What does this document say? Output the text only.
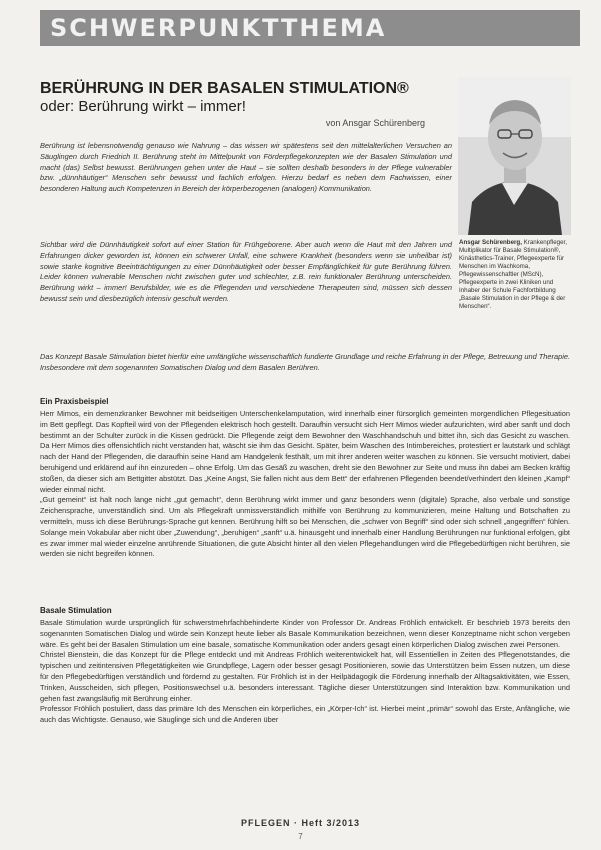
SCHWERPUNKTTHEMA
BERÜHRUNG IN DER BASALEN STIMULATION®
oder: Berührung wirkt – immer!
von Ansgar Schürenberg
Ansgar Schürenberg, Krankenpfleger, Multiplikator für Basale Stimulation®, Kinästhetics-Trainer, Pflegeexperte für Menschen im Wachkoma, Pflegewissenschaftler (MScN), Pflegeexperte in zwei Kliniken und Inhaber der Schule Fachfortbildung „Basale Stimulation in der Pflege & der Menschen“.

Berührung ist lebensnotwendig genauso wie Nahrung – das wissen wir spätestens seit den mittelalterlichen Versuchen an Säuglingen durch Friedrich II. Berührung steht im Mittelpunkt von Förderpflegekonzepten wie der Basalen Stimulation und macht (das) Selbst bewusst. Berührungen gehen unter die Haut – sie sollten deshalb besonders in der Pflege vulnerabler bzw. „dünnhäutiger“ Menschen sehr bewusst und fachlich erfolgen. Hierzu bedarf es neben dem Fachwissen, einer besonderen Haltung auch Kompetenzen in Bereich der körperbezogenen (analogen) Kommunikation.

Sichtbar wird die Dünnhäutigkeit sofort auf einer Station für Frühgeborene. Aber auch wenn die Haut mit den Jahren und Erfahrungen dicker geworden ist, können ein schwerer Unfall, eine schwere Krankheit (besonders wenn sie unheilbar ist) sowie starke kognitive Beeinträchtigungen zu einer Dünnhäutigkeit oder besser Empfänglichkeit für gute Berührung führen. Leider können vulnerable Menschen nicht zwischen guter und schlechter, z.B. rein funktionaler Berührung unterscheiden. Berührung wirkt – immer! Berufsbilder, wie es die Pflegenden und verschiedene Therapeuten sind, müssen sich dessen bewusst sein und diesbezüglich intensiv geschult werden.

Das Konzept Basale Stimulation bietet hierfür eine umfängliche wissenschaftlich fundierte Grundlage und reiche Erfahrung in der Pflege, Betreuung und Therapie. Insbesondere mit dem sogenannten Somatischen Dialog und dem Basalen Berühren.

Ein Praxisbeispiel
Herr Mimos, ein demenzkranker Bewohner mit beidseitigen Unterschenkelamputation, wird innerhalb einer fürsorglich gemeinten morgendlichen Pflegesituation im Bett gepflegt. Das Kopfteil wird von der Pflegenden elektrisch hoch gestellt. Daraufhin versucht sich Herr Mimos wieder aufzurichten, wird aber sanft und doch bestimmt an der Schulter zurück in die Kissen gedrückt. Die Pflegende zeigt dem Bewohner den Waschhandschuh und bittet ihn, sich das Gesicht zu waschen. Da Herr Mimos dies offensichtlich nicht verstanden hat, wäscht sie ihm das Gesicht. Später, beim Waschen des Intimbereiches, protestiert er lautstark und schlägt nach der Hand der Pflegenden, die daraufhin seine Hand am Handgelenk festhält, um mit ihrer anderen weiter waschen zu können. Sie versucht motiviert, dabei beruhigend und erklärend auf ihn einzureden – ohne Erfolg. Um das Gesäß zu waschen, dreht sie den Bewohner zur Seite und muss ihn dabei am Becken kräftig stoßen, da dieser sich am Bettgitter abstützt. Das „Keine Angst, Sie fallen nicht aus dem Bett“ der erfahrenen Pflegenden beendet/verhindert den kleinen „Kampf“ wieder einmal nicht.
„Gut gemeint“ ist halt noch lange nicht „gut gemacht“, denn Berührung wirkt immer und ganz besonders wenn (digitale) Sprache, also verbale und sonstige Zeichensprache, unverständlich sind. Um als Pflegekraft unmissverständlich mithilfe von Berührung zu kommunizieren, meine Haltung und Botschaften zu vermitteln, muss ich diese Berührungs-Sprache gut kennen. Berührung hilft so bei Menschen, die „schwer von Begriff“ sind oder sich schnell „angegriffen“ fühlen. Solange mein Vokabular aber nicht über „Zuwendung“, „beruhigen“ „sanft“ u.ä. hinausgeht und innerhalb einer Handlung Berührungen nur funktional erfolgen, gibt es zwar immer mal wieder einzelne anrührende Situationen, die gute Absicht hinter all den vielen Pflegehandlungen wird die Pflegebedürftigen nicht berühren, sie werden sie nicht begreifen können.
Basale Stimulation
Basale Stimulation wurde ursprünglich für schwerstmehrfachbehinderte Kinder von Professor Dr. Andreas Fröhlich entwickelt. Er beschrieb 1973 bereits den sogenannten Somatischen Dialog und würde sein Konzept heute lieber als Basale Kommunikation bezeichnen, wenn dieser Konzeptname nicht schon vergeben wäre. Es geht bei der Basalen Stimulation um eine basale, somatische Kommunikation oder anders gesagt einen körperlichen Dialog zwischen zwei Personen.
Christel Bienstein, die das Konzept für die Pflege entdeckt und mit Andreas Fröhlich weiterentwickelt hat, will Essentiellen in Zeiten des Pflegenotstandes, die typischen und zeitintensiven Pflegetätigkeiten wie Grundpflege, Lagern oder besser gesagt Positionieren, sowie das Unterstützen beim Essen nutzen, um diese für den Pflegebedürftigen verständlich und fördernd zu gestalten. Für Fröhlich ist in der Heilpädagogik die Förderung innerhalb der Alltagsaktivitäten, wie Essen, Trinken, Ausscheiden, sich pflegen, Positionswechsel u.ä. besonders interessant. Tägliche dieser Unterstützungen sind Interaktion bzw. Kommunikation und gehen fast zwangsläufig mit Berührung einher.
Professor Fröhlich postuliert, dass das primäre Ich des Menschen ein körperliches, ein „Körper-Ich“ ist. Hierbei meint „primär“ sowohl das Erste, Anfängliche, wie auch das Wichtigste. Genauso, wie Säuglinge sich und die Anderen über
PFLEGEN · Heft 3/2013
7
